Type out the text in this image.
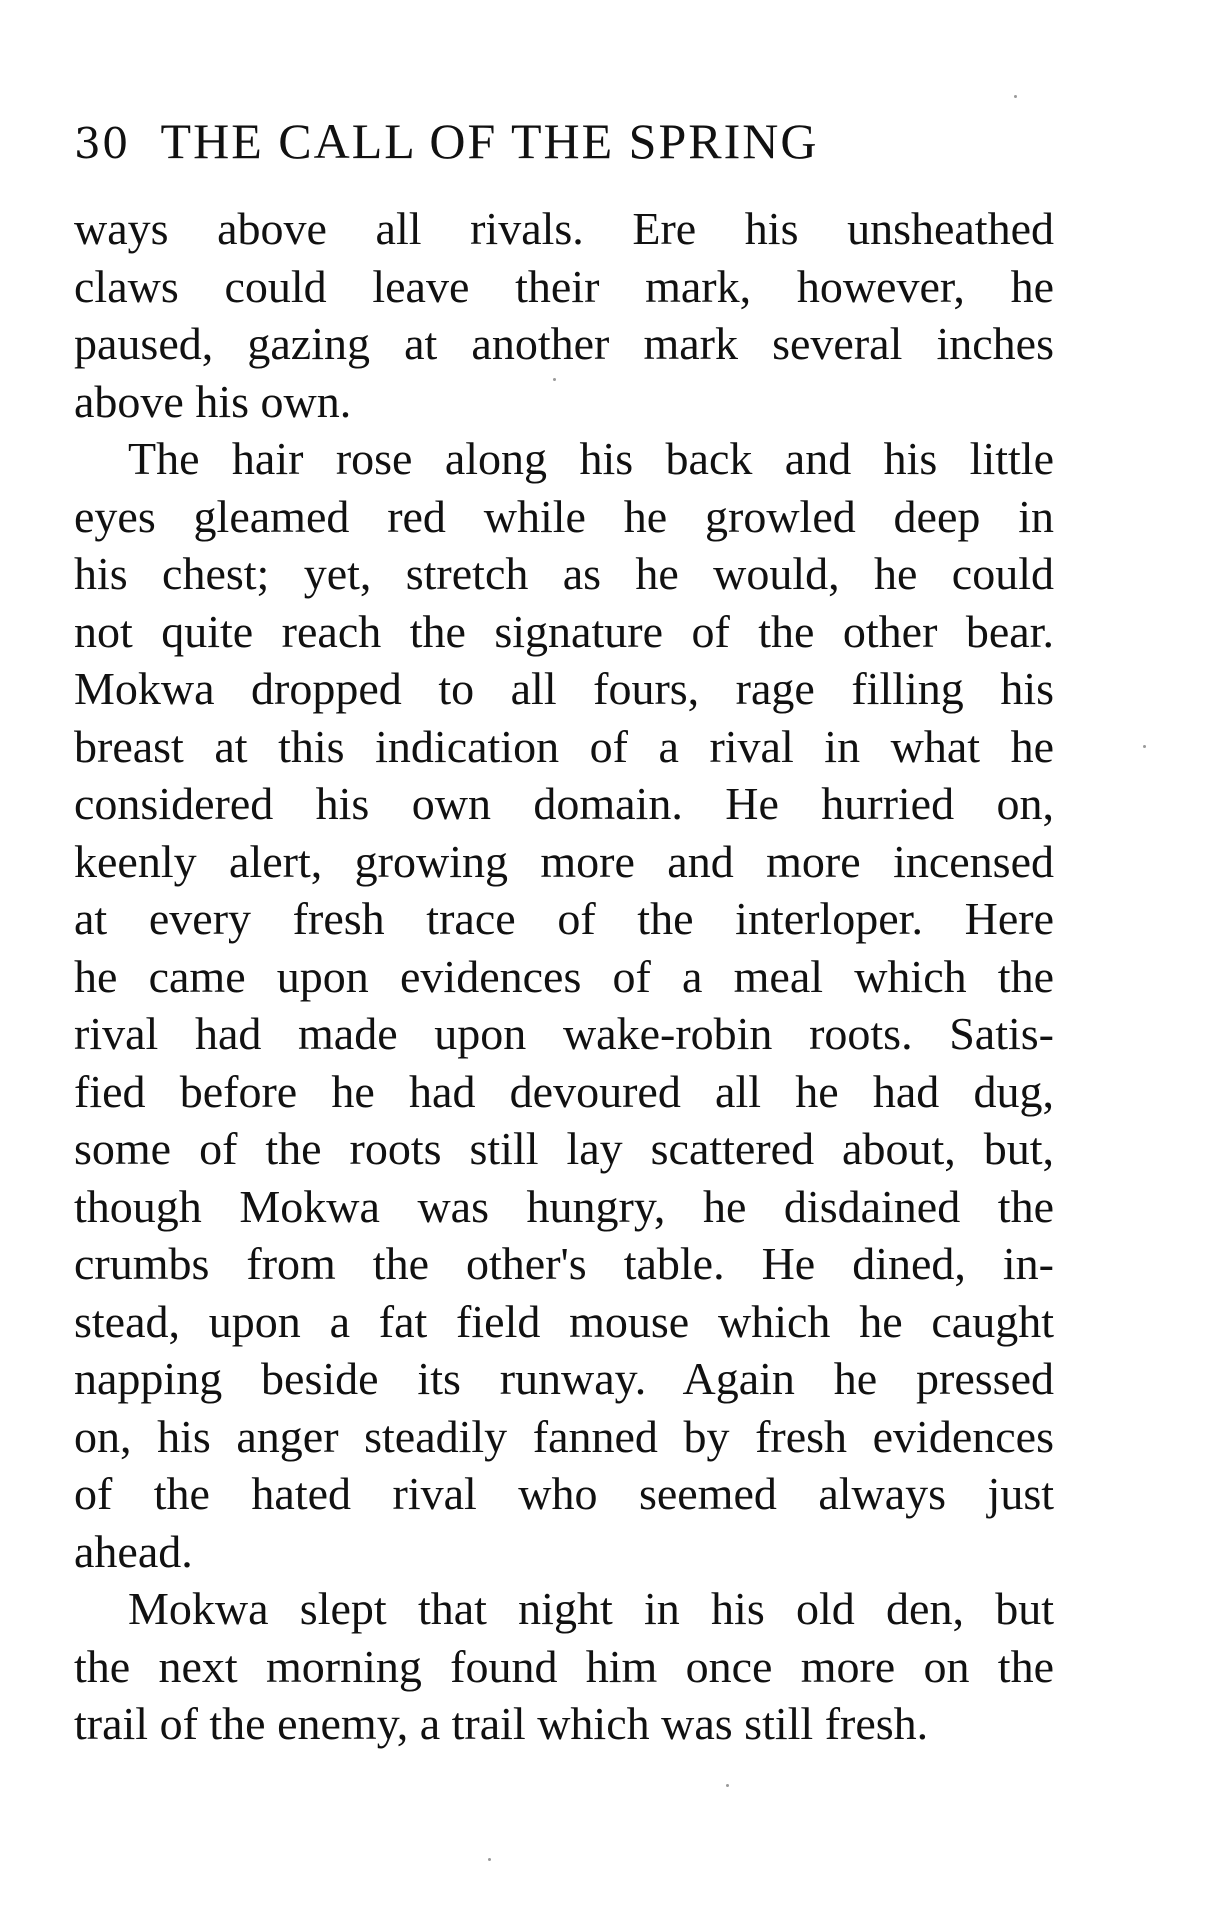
30 THE CALL OF THE SPRING
ways above all rivals. Ere his unsheathed
claws could leave their mark, however, he
paused, gazing at another mark several inches
above his own.
The hair rose along his back and his little
eyes gleamed red while he growled deep in
his chest; yet, stretch as he would, he could
not quite reach the signature of the other bear.
Mokwa dropped to all fours, rage filling his
breast at this indication of a rival in what he
considered his own domain. He hurried on,
keenly alert, growing more and more incensed
at every fresh trace of the interloper. Here
he came upon evidences of a meal which the
rival had made upon wake-robin roots. Satis-
fied before he had devoured all he had dug,
some of the roots still lay scattered about, but,
though Mokwa was hungry, he disdained the
crumbs from the other's table. He dined, in-
stead, upon a fat field mouse which he caught
napping beside its runway. Again he pressed
on, his anger steadily fanned by fresh evidences
of the hated rival who seemed always just
ahead.
Mokwa slept that night in his old den, but
the next morning found him once more on the
trail of the enemy, a trail which was still fresh.
